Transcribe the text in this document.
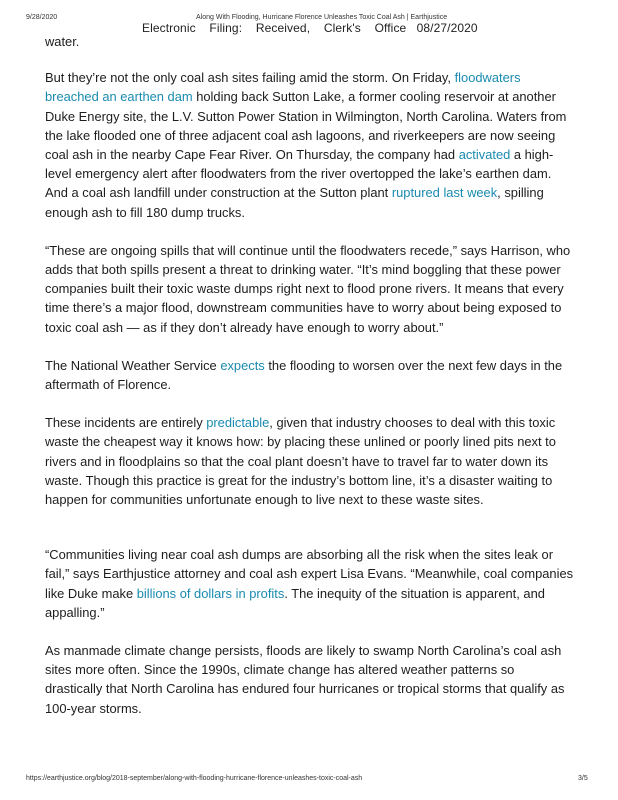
9/28/2020	Along With Flooding, Hurricane Florence Unleashes Toxic Coal Ash | Earthjustice
Electronic    Filing:    Received,    Clerk's    Office   08/27/2020

water.

But they’re not the only coal ash sites failing amid the storm. On Friday, floodwaters breached an earthen dam holding back Sutton Lake, a former cooling reservoir at another Duke Energy site, the L.V. Sutton Power Station in Wilmington, North Carolina. Waters from the lake flooded one of three adjacent coal ash lagoons, and riverkeepers are now seeing coal ash in the nearby Cape Fear River. On Thursday, the company had activated a high-level emergency alert after floodwaters from the river overtopped the lake’s earthen dam. And a coal ash landfill under construction at the Sutton plant ruptured last week, spilling enough ash to fill 180 dump trucks.

“These are ongoing spills that will continue until the floodwaters recede,” says Harrison, who adds that both spills present a threat to drinking water. “It’s mind boggling that these power companies built their toxic waste dumps right next to flood prone rivers. It means that every time there’s a major flood, downstream communities have to worry about being exposed to toxic coal ash — as if they don’t already have enough to worry about.”

The National Weather Service expects the flooding to worsen over the next few days in the aftermath of Florence.

These incidents are entirely predictable, given that industry chooses to deal with this toxic waste the cheapest way it knows how: by placing these unlined or poorly lined pits next to rivers and in floodplains so that the coal plant doesn’t have to travel far to water down its waste. Though this practice is great for the industry’s bottom line, it’s a disaster waiting to happen for communities unfortunate enough to live next to these waste sites.

“Communities living near coal ash dumps are absorbing all the risk when the sites leak or fail,” says Earthjustice attorney and coal ash expert Lisa Evans. “Meanwhile, coal companies like Duke make billions of dollars in profits. The inequity of the situation is apparent, and appalling.”

As manmade climate change persists, floods are likely to swamp North Carolina’s coal ash sites more often. Since the 1990s, climate change has altered weather patterns so drastically that North Carolina has endured four hurricanes or tropical storms that qualify as 100-year storms.

https://earthjustice.org/blog/2018-september/along-with-flooding-hurricane-florence-unleashes-toxic-coal-ash	3/5
